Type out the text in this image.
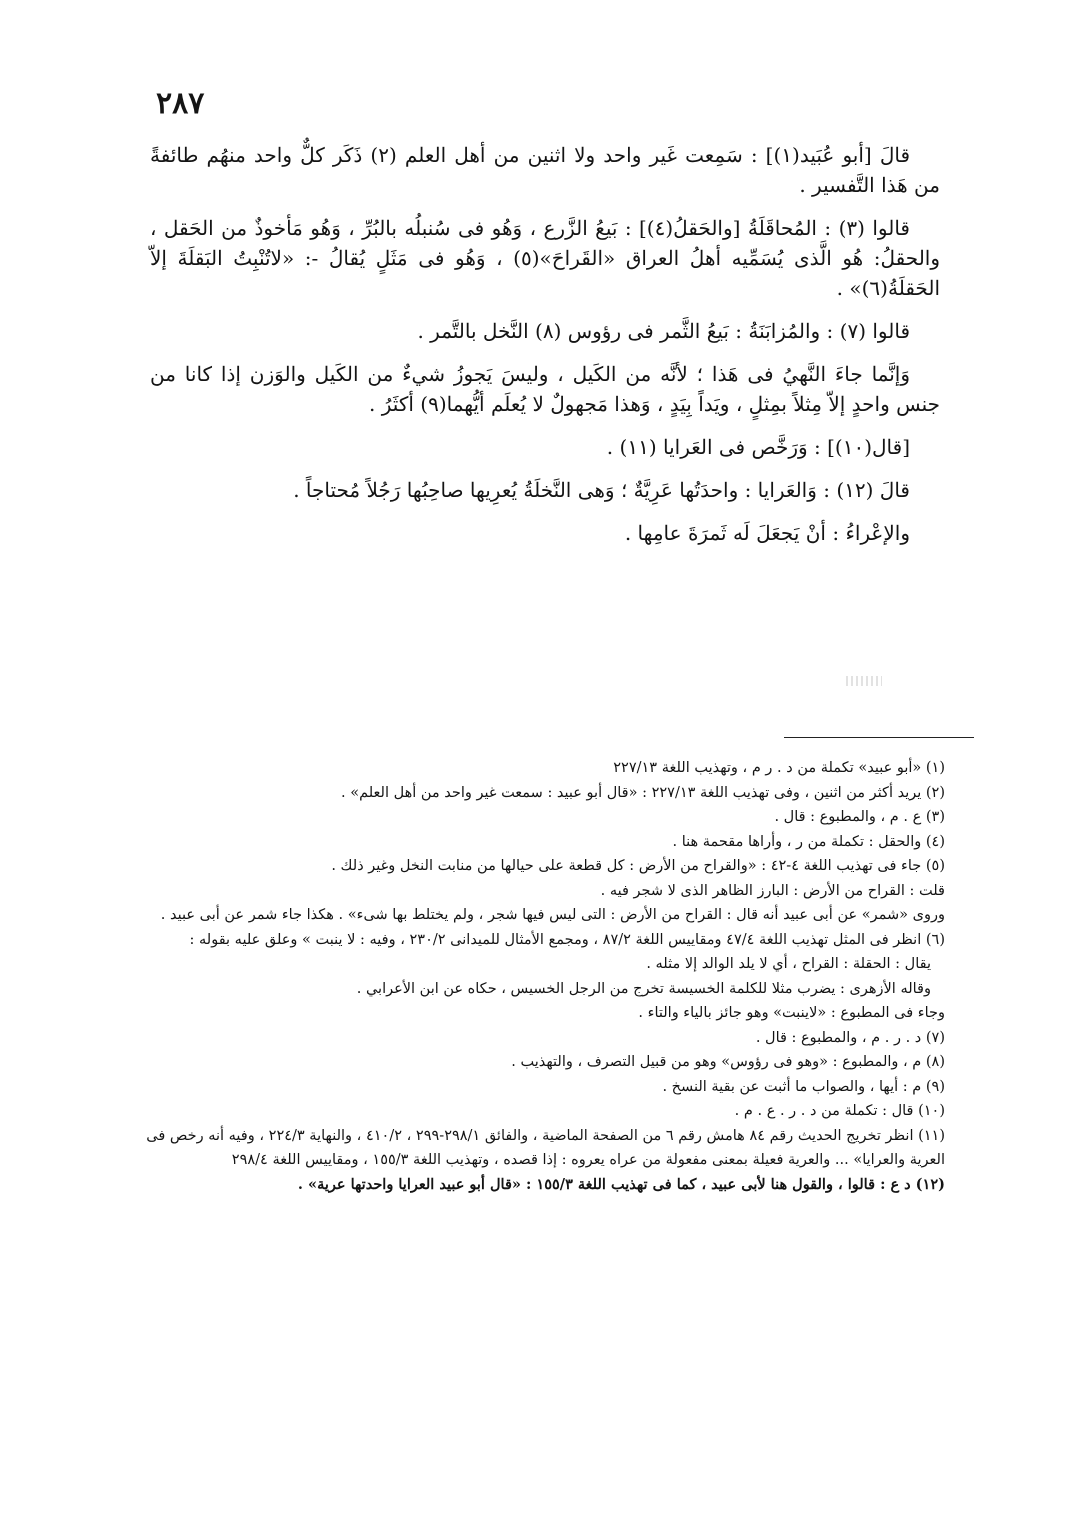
٢٨٧

قالَ [أبو عُبَيد(١)] : سَمِعت غَير واحد ولا اثنين من أهل العلم (٢) ذَكَر كلٌّ واحد منهُم طائفةً من هَذا التَّفسير .

قالوا (٣) : المُحاقَلَةُ [والحَقلُ(٤)] : بَيعُ الزَّرع ، وَهُو فى سُنبلُه بالبُرِّ ، وَهُو مَأخوذٌ من الحَقل ، والحقلُ: هُو الَّذى يُسَمِّيه أهلُ العراق «القَراحَ»(٥) ، وَهُو فى مَثَلٍ يُقالُ -: «لاتُنْبِتُ البَقلَةَ إلاّ الحَقلَةُ(٦)» .

قالوا (٧) : والمُزابَنَةُ : بَيعُ الثَّمر فى رؤوس (٨) النَّخل بالتَّمر .

وَإنَّما جاءَ النَّهيُ فى هَذا ؛ لأنَّه من الكَيل ، وليسَ يَجوزُ شيءٌ من الكَيل والوَزن إذا كانا من جنس واحدٍ إلاّ مِثلاً بمِثلٍ ، ويَداً بِيَدٍ ، وَهذا مَجهولٌ لا يُعلَم أيُّهما(٩) أكثَرُ .

[قال(١٠)] : وَرَخَّص فى العَرايا (١١) .

قالَ (١٢) : وَالعَرايا : واحدَتُها عَرِيَّةٌ ؛ وَهى النَّخلَةُ يُعرِيها صاحِبُها رَجُلاً مُحتاجاً .

والإعْراءُ : أنْ يَجعَلَ لَه ثَمرَةَ عامِها .

(١) «أبو عبيد» تكملة من د . ر م ، وتهذيب اللغة ٢٢٧/١٣

(٢) يريد أكثر من اثنين ، وفى تهذيب اللغة ٢٢٧/١٣ : «قال أبو عبيد : سمعت غير واحد من أهل العلم» .

(٣) ع . م ، والمطبوع : قال .

(٤) والحقل : تكملة من ر ، وأراها مقحمة هنا .

(٥) جاء فى تهذيب اللغة ٤-٤٢ : «والقراح من الأرض : كل قطعة على حيالها من منابت النخل وغير ذلك .

قلت : القراح من الأرض : البارز الظاهر الذى لا شجر فيه .

وروى «شمر» عن أبى عبيد أنه قال : القراح من الأرض : التى ليس فيها شجر ، ولم يختلط بها شىء» . هكذا جاء شمر عن أبى عبيد .

(٦) انظر فى المثل تهذيب اللغة ٤٧/٤ ومقاييس اللغة ٨٧/٢ ، ومجمع الأمثال للميدانى ٢٣٠/٢ ، وفيه : لا ينبت » وعلق عليه بقوله :

يقال : الحقلة : القراح ، أي لا يلد الوالد إلا مثله .

وقاله الأزهرى : يضرب مثلا للكلمة الخسيسة تخرج من الرجل الخسيس ، حكاه عن ابن الأعرابي .

وجاء فى المطبوع : «لاينبت» وهو جائز بالياء والتاء .

(٧) د . ر . م ، والمطبوع : قال .

(٨) م ، والمطبوع : «وهو فى رؤوس» وهو من قبيل التصرف ، والتهذيب .

(٩) م : أيها ، والصواب ما أثبت عن بقية النسخ .

(١٠) قال : تكملة من د . ر . ع . م .

(١١) انظر تخريج الحديث رقم ٨٤ هامش رقم ٦ من الصفحة الماضية ، والفائق ٢٩٨/١-٢٩٩ ، ٤١٠/٢ ، والنهاية ٢٢٤/٣ ، وفيه أنه رخص فى العرية والعرايا» ... والعرية فعيلة بمعنى مفعولة من عراه يعروه : إذا قصده ، وتهذيب اللغة ١٥٥/٣ ، ومقاييس اللغة ٢٩٨/٤

(١٢) د ع : قالوا ، والقول هنا لأبى عبيد ، كما فى تهذيب اللغة ١٥٥/٣ : «قال أبو عبيد العرايا واحدتها عرية» .
